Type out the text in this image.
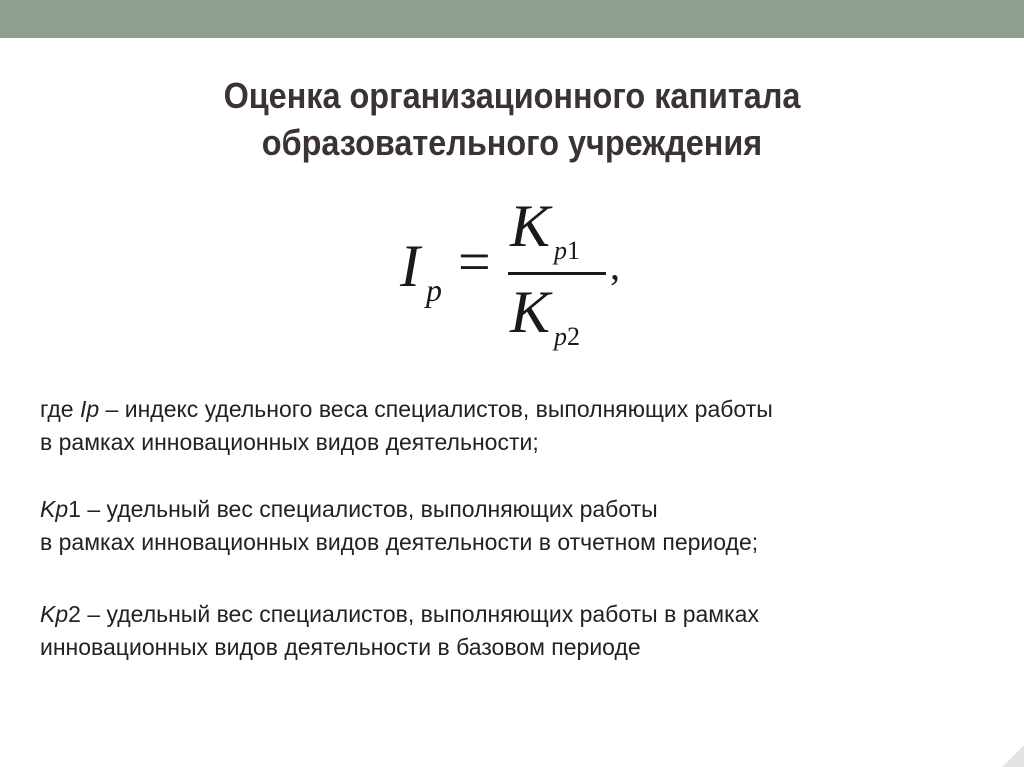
Оценка организационного капитала
образовательного учреждения
I p =
K p1
K p2
,
где Ip – индекс удельного веса специалистов, выполняющих работы
в рамках инновационных видов деятельности;
Kp1 – удельный вес специалистов, выполняющих работы
в рамках инновационных видов деятельности в отчетном периоде;
Kp2 – удельный вес специалистов, выполняющих работы в рамках
инновационных видов деятельности в базовом периоде
